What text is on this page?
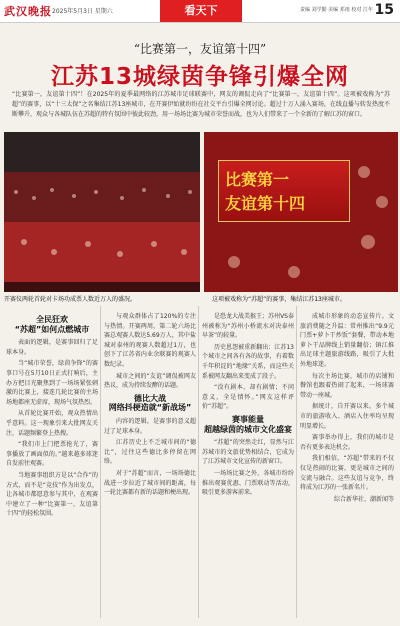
武汉晚报 2025年5月3日 星期六	看天下	责编 刘学勤 美编 邓雨 校对 江年 15
“比赛第一，友谊第十四”
江苏13城绿茵争锋引爆全网
“比赛第一，友谊第十四”！在2025年的夏季最网络的江苏城市足球联赛中，网友的调侃走向了“比赛第一，友谊第十四”。这项被戏称为“苏超”的赛事，以“十三太保”之名集结江苏13座城市，在开赛伊始就纷纷在社交平台引爆全网讨论。超过十万人涌入赛场，在线直播与转发热度不断攀升，观众与各城队伍在苏超的特有氛围中彼此较劲，用一场场比赛为城市荣誉而战，也为人们带来了一个全新的了解江苏的窗口。
比赛第一
友谊第十四
开赛仪两轮首轮对卡场功成票人数近万人的盛况。	这项被戏称为“苏超”的赛事，集结江苏13座城市。
全民狂欢
“苏超”如何点燃城市

表面的逻辑，是赛事回归了足球本身。

当“城市荣誉，绿茵争锋”的赛事口号在5月10日正式打响后，主办方把目光聚焦到了一场场紧张刺激的比赛上，接连几轮比赛的主场场地都座无虚席，现场气氛热烈。

从首轮比赛开始，观众热情出乎意料。这一现象引来大批网友关注，话题频繁登上热搜。

“我们市上门把票抢光了，赛事播放了画面似的。”越来越多球迷自发前往观赛。

当地赛事组织方是以“合作”的方式，而不是“竞技”作为出发点，让各城市都愿意参与其中，在观赛中建立了一种“比赛第一，友谊第十四”的轻松氛围。

与观众群体占了120%的专注与热情。开赛两周，第二轮六场比赛总观赛人数达5.69万人，其中盐城对泰州的观赛人数超过1万，也创下了江苏省内业余联赛的观赛人数纪录。

城市之间的“友谊”调侃被网友热议，成为持续发酵的话题。

德比大战
网络抖梗造就“新战场”

内容的逻辑，是赛事的意义超过了足球本身。

江苏历史上不乏城市间的“德比”，过往这些德比多停留在网络。

对于“苏超”而言，一场场德比战进一步拉近了城市间的距离，每一轮比赛都有新的话题和梗出现。

是恐龙大战美猴王；苏州VS泰州被称为“苏州小桥流水对决泰州早茶”的较量。

历史恩怨被重新翻出：江苏13个城市之间各有各的故事，有着数千年积淀的“地缘”关系，而这些关系被网友翻出来变成了段子。

“没有剧本，却有剧情；不问意义，全是情怀。”网友这样评价“苏超”。

赛事能量
超越绿茵的城市文化盛宴

“苏超”的突然走红，显然与江苏城市的文旅优势相结合，它成为了江苏城市文化宣传的新窗口。

一场场比赛之外，各城市纷纷推出观赛优惠、门票联动等活动，吸引更多游客前来。

成城市形象的动态宣传片。文旅消费随之升温：常州推出“9.9元门票+萝卜干炒饭”套餐，带动本地萝卜干品牌线上销量翻倍；镇江推出足球主题旅游线路，吸引了大批外地球迷。

每次主场比赛，城市的店铺和餐馆也跟着热闹了起来，一场球赛带动一座城。

据统计，自开赛以来，多个城市的旅游收入、酒店入住率均呈现明显增长。

赛事举办得上，我们的城市是否有更多表达机会。

我们相信，“苏超”带来的不仅仅是热闹的比赛，更是城市之间的交流与融合。这些友谊与竞争，终将成为江苏的一张新名片。

综合新华社、潮新闻等
